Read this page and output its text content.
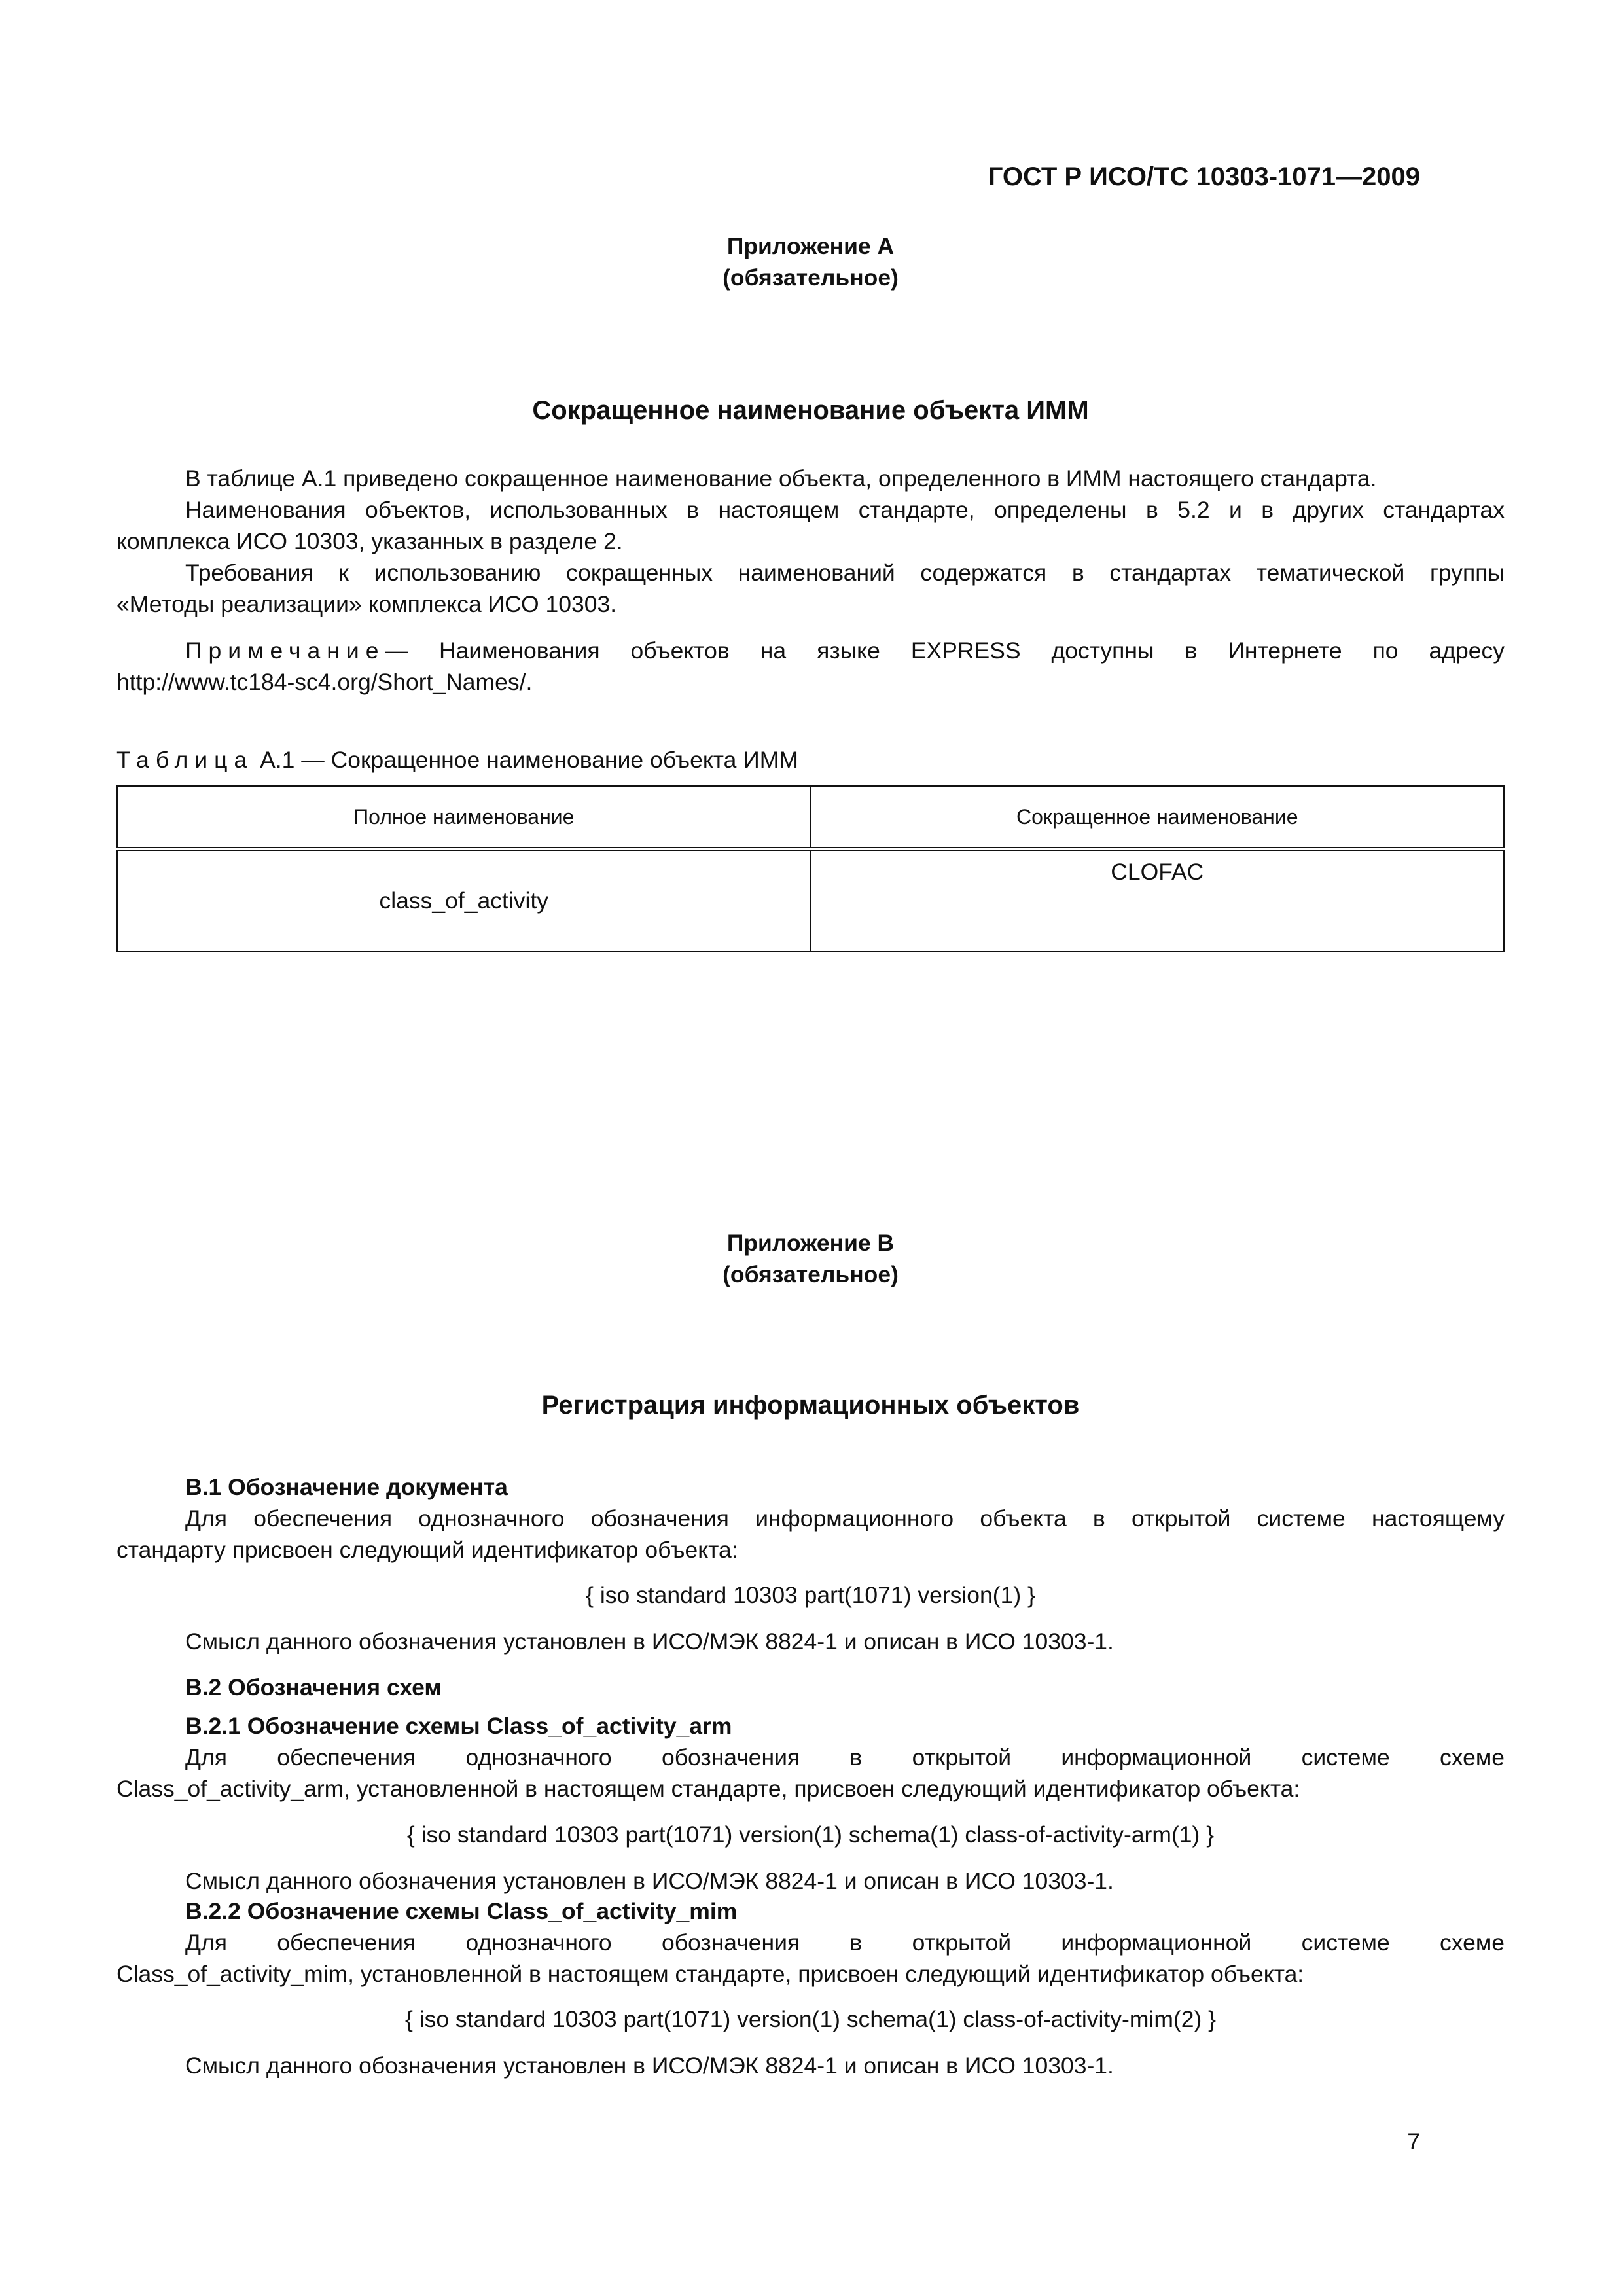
ГОСТ Р ИСО/ТС 10303-1071—2009
Приложение А
(обязательное)
Сокращенное наименование объекта ИММ
В таблице А.1 приведено сокращенное наименование объекта, определенного в ИММ настоящего стандарта.
Наименования объектов, использованных в настоящем стандарте, определены в 5.2 и в других стандартах
комплекса ИСО 10303, указанных в разделе 2.
Требования к использованию сокращенных наименований содержатся в стандартах тематической группы
«Методы реализации» комплекса ИСО 10303.
Примечание— Наименования объектов на языке EXPRESS доступны в Интернете по адресу
http://www.tc184-sc4.org/Short_Names/.
Таблица А.1 — Сокращенное наименование объекта ИММ
Полное наименование	Сокращенное наименование
class_of_activity	CLOFAC
Приложение В
(обязательное)
Регистрация информационных объектов
В.1 Обозначение документа
Для обеспечения однозначного обозначения информационного объекта в открытой системе настоящему
стандарту присвоен следующий идентификатор объекта:
{ iso standard 10303 part(1071) version(1) }
Смысл данного обозначения установлен в ИСО/МЭК 8824-1 и описан в ИСО 10303-1.
В.2 Обозначения схем
В.2.1 Обозначение схемы Class_of_activity_arm
Для обеспечения однозначного обозначения в открытой информационной системе схеме
Class_of_activity_arm, установленной в настоящем стандарте, присвоен следующий идентификатор объекта:
{ iso standard 10303 part(1071) version(1) schema(1) class-of-activity-arm(1) }
Смысл данного обозначения установлен в ИСО/МЭК 8824-1 и описан в ИСО 10303-1.
В.2.2 Обозначение схемы Class_of_activity_mim
Для обеспечения однозначного обозначения в открытой информационной системе схеме
Class_of_activity_mim, установленной в настоящем стандарте, присвоен следующий идентификатор объекта:
{ iso standard 10303 part(1071) version(1) schema(1) class-of-activity-mim(2) }
Смысл данного обозначения установлен в ИСО/МЭК 8824-1 и описан в ИСО 10303-1.
7
